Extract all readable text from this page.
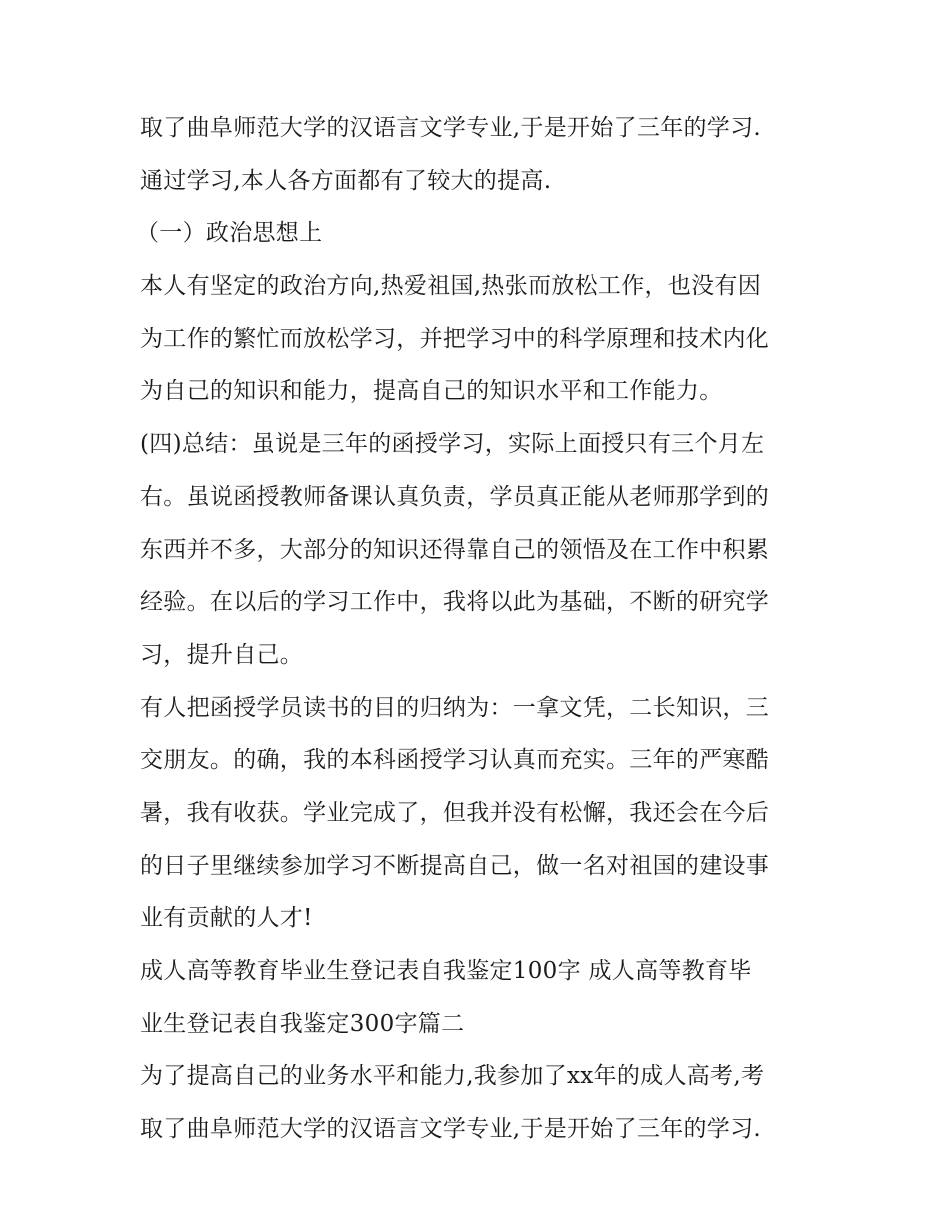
取了曲阜师范大学的汉语言文学专业,于是开始了三年的学习.
通过学习,本人各方面都有了较大的提高.
（一）政治思想上
本人有坚定的政治方向,热爱祖国,热张而放松工作，也没有因
为工作的繁忙而放松学习，并把学习中的科学原理和技术内化
为自己的知识和能力，提高自己的知识水平和工作能力。
(四)总结：虽说是三年的函授学习，实际上面授只有三个月左
右。虽说函授教师备课认真负责，学员真正能从老师那学到的
东西并不多，大部分的知识还得靠自己的领悟及在工作中积累
经验。在以后的学习工作中，我将以此为基础，不断的研究学
习，提升自己。
有人把函授学员读书的目的归纳为：一拿文凭，二长知识，三
交朋友。的确，我的本科函授学习认真而充实。三年的严寒酷
暑，我有收获。学业完成了，但我并没有松懈，我还会在今后
的日子里继续参加学习不断提高自己，做一名对祖国的建设事
业有贡献的人才!
成人高等教育毕业生登记表自我鉴定100字 成人高等教育毕
业生登记表自我鉴定300字篇二
为了提高自己的业务水平和能力,我参加了xx年的成人高考,考
取了曲阜师范大学的汉语言文学专业,于是开始了三年的学习.
